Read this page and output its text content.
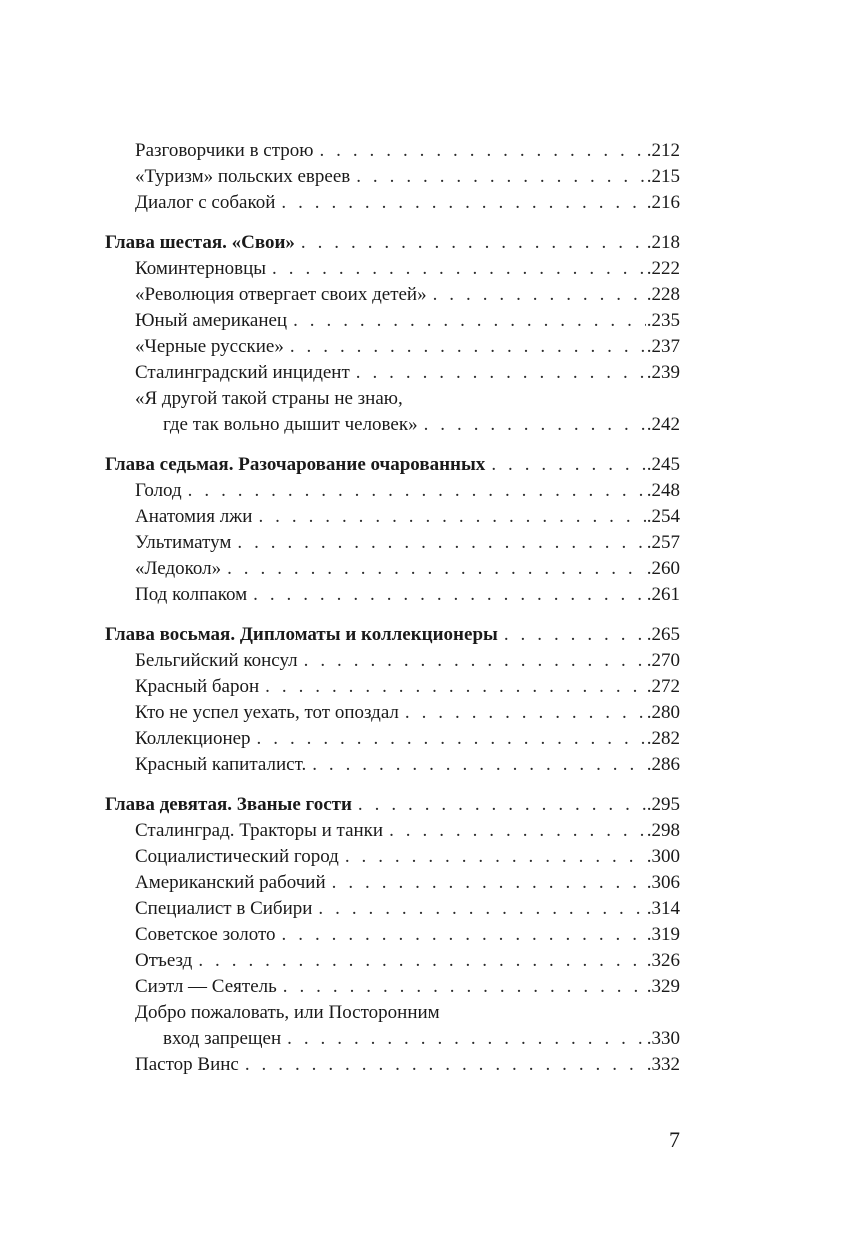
Разговорчики в строю . . .	.212
«Туризм» польских евреев . . .	.215
Диалог с собакой . . .	.216
Глава шестая. «Свои» . . .	.218
Коминтерновцы . . .	.222
«Революция отвергает своих детей» . . .	.228
Юный американец . . .	.235
«Черные русские» . . .	.237
Сталинградский инцидент . . .	.239
«Я другой такой страны не знаю,
где так вольно дышит человек» . . .	.242
Глава седьмая. Разочарование очарованных . . .	.245
Голод . . .	.248
Анатомия лжи . . .	.254
Ультиматум . . .	.257
«Ледокол» . . .	.260
Под колпаком . . .	.261
Глава восьмая. Дипломаты и коллекционеры . . .	.265
Бельгийский консул . . .	.270
Красный барон . . .	.272
Кто не успел уехать, тот опоздал . . .	.280
Коллекционер . . .	.282
Красный капиталист. . . .	.286
Глава девятая. Званые гости . . .	.295
Сталинград. Тракторы и танки . . .	.298
Социалистический город . . .	.300
Американский рабочий . . .	.306
Специалист в Сибири . . .	.314
Советское золото . . .	.319
Отъезд . . .	.326
Сиэтл — Сеятель . . .	.329
Добро пожаловать, или Посторонним
вход запрещен . . .	.330
Пастор Винс . . .	.332
7
